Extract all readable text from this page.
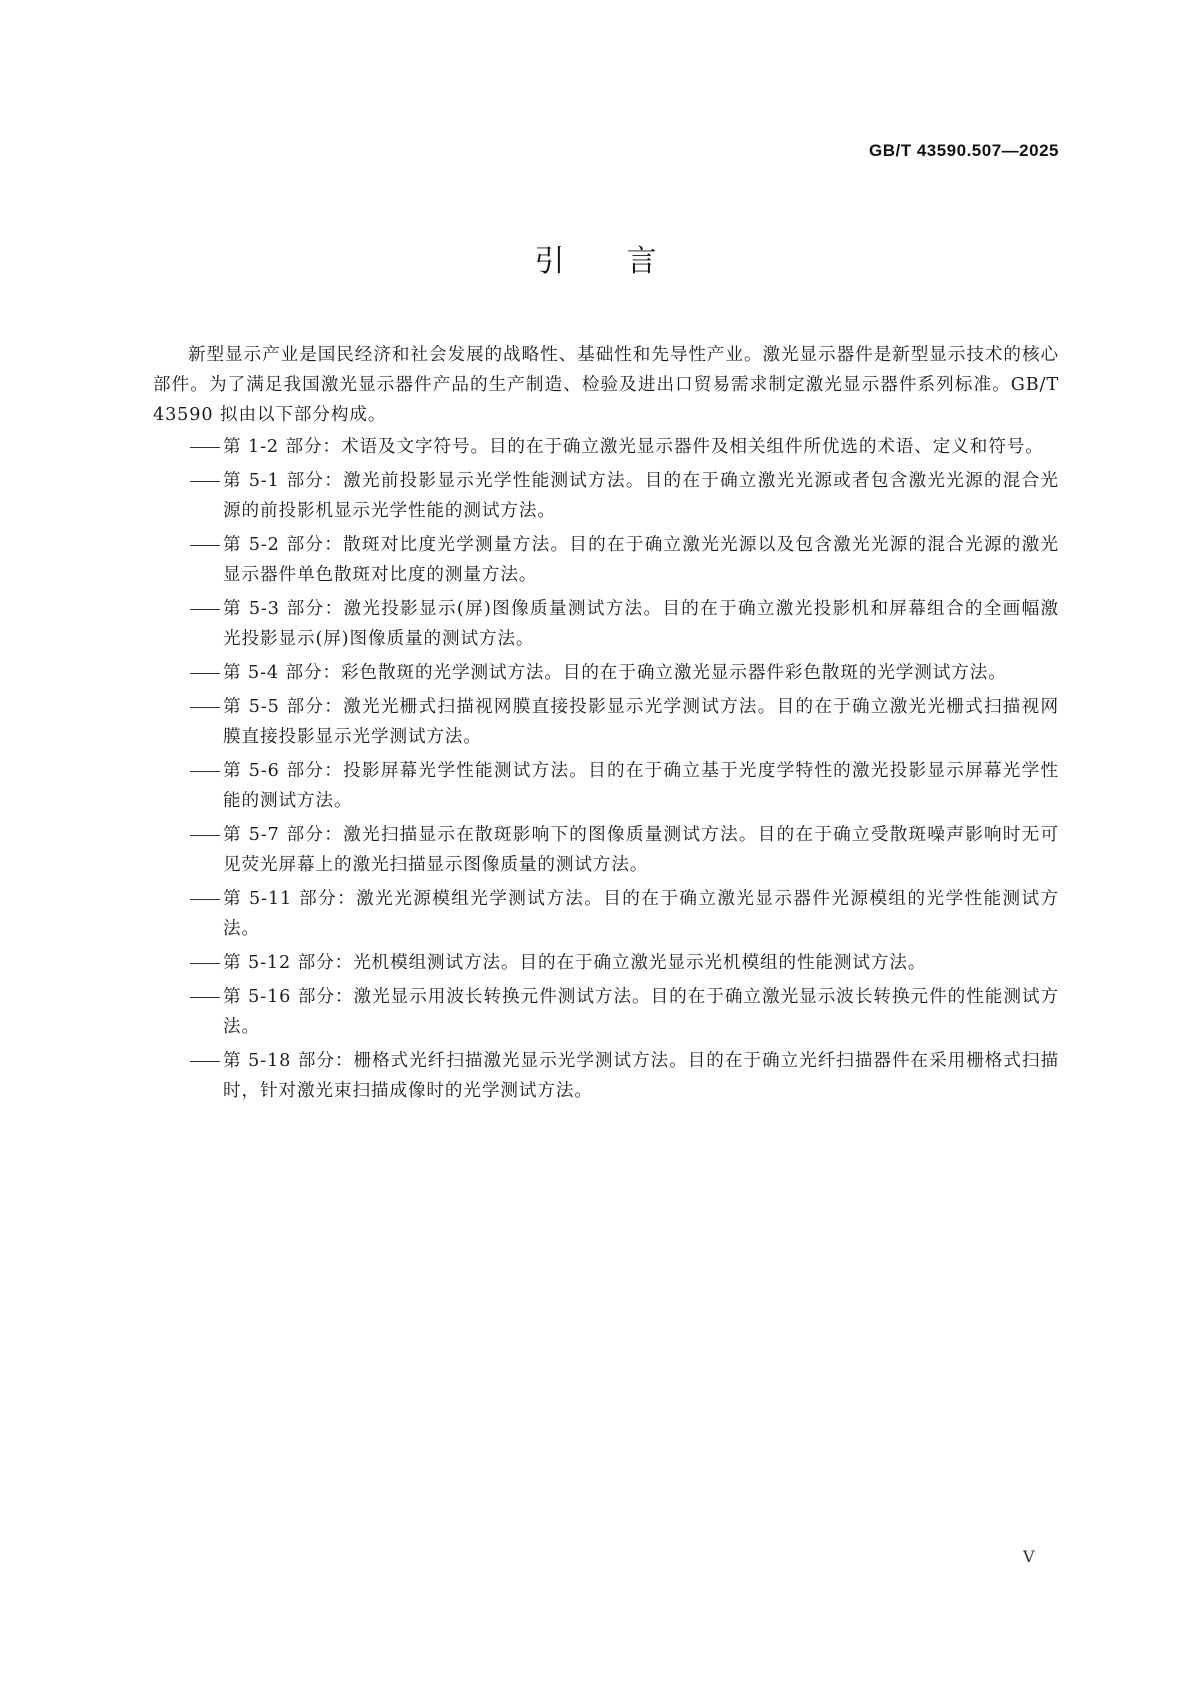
GB/T 43590.507—2025
引言

新型显示产业是国民经济和社会发展的战略性、基础性和先导性产业。激光显示器件是新型显示技术的核心部件。为了满足我国激光显示器件产品的生产制造、检验及进出口贸易需求制定激光显示器件系列标准。GB/T 43590 拟由以下部分构成。

第 1-2 部分：术语及文字符号。目的在于确立激光显示器件及相关组件所优选的术语、定义和符号。
第 5-1 部分：激光前投影显示光学性能测试方法。目的在于确立激光光源或者包含激光光源的混合光源的前投影机显示光学性能的测试方法。
第 5-2 部分：散斑对比度光学测量方法。目的在于确立激光光源以及包含激光光源的混合光源的激光显示器件单色散斑对比度的测量方法。
第 5-3 部分：激光投影显示(屏)图像质量测试方法。目的在于确立激光投影机和屏幕组合的全画幅激光投影显示(屏)图像质量的测试方法。
第 5-4 部分：彩色散斑的光学测试方法。目的在于确立激光显示器件彩色散斑的光学测试方法。
第 5-5 部分：激光光栅式扫描视网膜直接投影显示光学测试方法。目的在于确立激光光栅式扫描视网膜直接投影显示光学测试方法。
第 5-6 部分：投影屏幕光学性能测试方法。目的在于确立基于光度学特性的激光投影显示屏幕光学性能的测试方法。
第 5-7 部分：激光扫描显示在散斑影响下的图像质量测试方法。目的在于确立受散斑噪声影响时无可见荧光屏幕上的激光扫描显示图像质量的测试方法。
第 5-11 部分：激光光源模组光学测试方法。目的在于确立激光显示器件光源模组的光学性能测试方法。
第 5-12 部分：光机模组测试方法。目的在于确立激光显示光机模组的性能测试方法。
第 5-16 部分：激光显示用波长转换元件测试方法。目的在于确立激光显示波长转换元件的性能测试方法。
第 5-18 部分：栅格式光纤扫描激光显示光学测试方法。目的在于确立光纤扫描器件在采用栅格式扫描时，针对激光束扫描成像时的光学测试方法。
V
